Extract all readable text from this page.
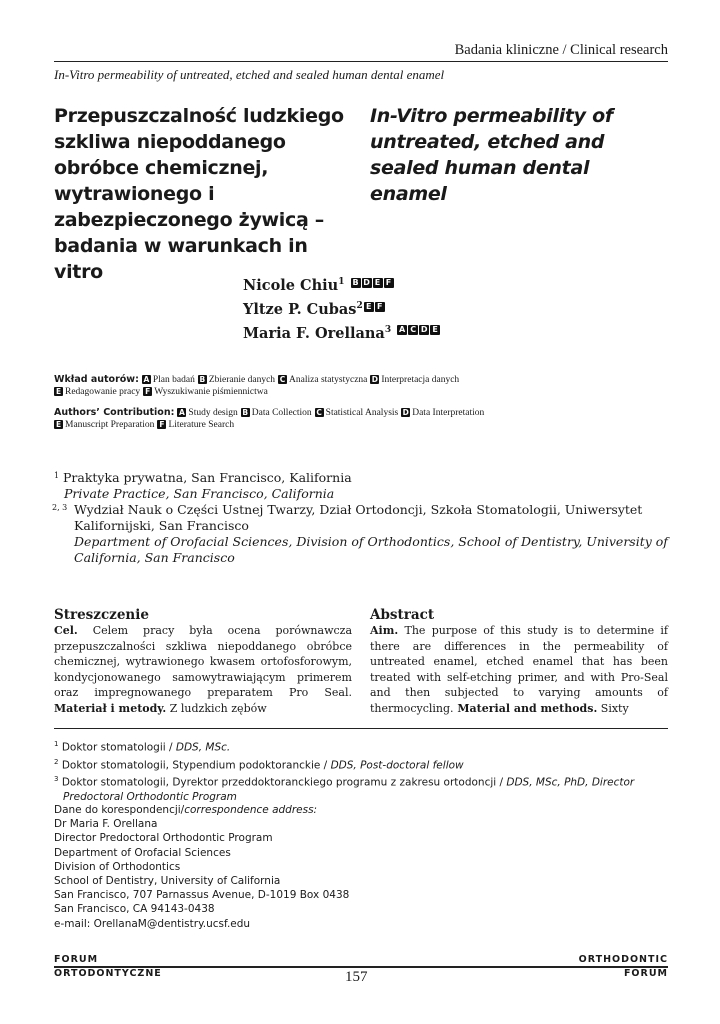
Badania kliniczne / Clinical research
In-Vitro permeability of untreated, etched and sealed human dental enamel
Przepuszczalność ludzkiego szkliwa niepoddanego obróbce chemicznej, wytrawionego i zabezpieczonego żywicą – badania w warunkach in vitro
In-Vitro permeability of untreated, etched and sealed human dental enamel
Nicole Chiu$^1$ B D E F
Yltze P. Cubas$^2$ E F
Maria F. Orellana$^3$ A C D E
Wkład autorów: A Plan badań B Zbieranie danych C Analiza statystyczna D Interpretacja danych
E Redagowanie pracy F Wyszukiwanie piśmiennictwa
Authors’ Contribution: A Study design B Data Collection C Statistical Analysis D Data Interpretation
E Manuscript Preparation F Literature Search
1 Praktyka prywatna, San Francisco, Kalifornia
Private Practice, San Francisco, California
2, 3 Wydział Nauk o Części Ustnej Twarzy, Dział Ortodoncji, Szkoła Stomatologii, Uniwersytet Kalifornijski, San Francisco
Department of Orofacial Sciences, Division of Orthodontics, School of Dentistry, University of California, San Francisco
Streszczenie
Cel. Celem pracy była ocena porównawcza przepuszczalności szkliwa niepoddanego obróbce chemicznej, wytrawionego kwasem ortofosforowym, kondycjonowanego samowytrawiającym primerem oraz impregnowanego preparatem Pro Seal. Materiał i metody. Z ludzkich zębów
Abstract
Aim. The purpose of this study is to determine if there are differences in the permeability of untreated enamel, etched enamel that has been treated with self-etching primer, and with Pro-Seal and then subjected to varying amounts of thermocycling. Material and methods. Sixty
$^1$ Doktor stomatologii / DDS, MSc.
$^2$ Doktor stomatologii, Stypendium podoktoranckie / DDS, Post-doctoral fellow
$^3$ Doktor stomatologii, Dyrektor przeddoktoranckiego programu z zakresu ortodoncji / DDS, MSc, PhD, Director Predoctoral Orthodontic Program
Dane do korespondencji/correspondence address:
Dr Maria F. Orellana
Director Predoctoral Orthodontic Program
Department of Orofacial Sciences
Division of Orthodontics
School of Dentistry, University of California
San Francisco, 707 Parnassus Avenue, D-1019 Box 0438
San Francisco, CA 94143-0438
e-mail: OrellanaM@dentistry.ucsf.edu
FORUM
ORTODONTYCZNE
ORTHODONTIC
FORUM
157
